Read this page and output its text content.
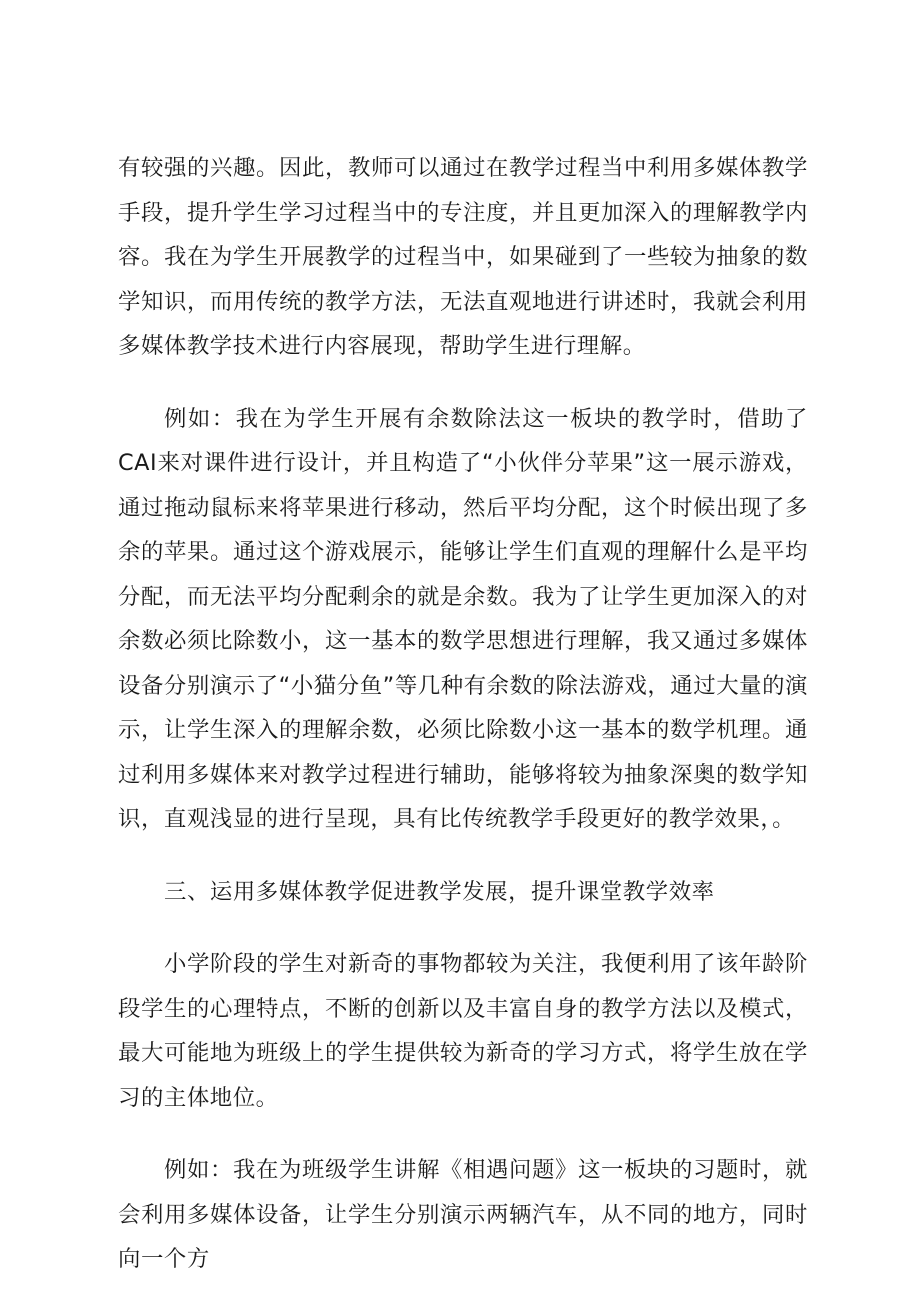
有较强的兴趣。因此，教师可以通过在教学过程当中利用多媒体教学手段，提升学生学习过程当中的专注度，并且更加深入的理解教学内容。我在为学生开展教学的过程当中，如果碰到了一些较为抽象的数学知识，而用传统的教学方法，无法直观地进行讲述时，我就会利用多媒体教学技术进行内容展现，帮助学生进行理解。

例如：我在为学生开展有余数除法这一板块的教学时，借助了CAI来对课件进行设计，并且构造了“小伙伴分苹果”这一展示游戏，通过拖动鼠标来将苹果进行移动，然后平均分配，这个时候出现了多余的苹果。通过这个游戏展示，能够让学生们直观的理解什么是平均分配，而无法平均分配剩余的就是余数。我为了让学生更加深入的对余数必须比除数小，这一基本的数学思想进行理解，我又通过多媒体设备分别演示了“小猫分鱼”等几种有余数的除法游戏，通过大量的演示，让学生深入的理解余数，必须比除数小这一基本的数学机理。通过利用多媒体来对教学过程进行辅助，能够将较为抽象深奥的数学知识，直观浅显的进行呈现，具有比传统教学手段更好的教学效果，。

三、运用多媒体教学促进教学发展，提升课堂教学效率

小学阶段的学生对新奇的事物都较为关注，我便利用了该年龄阶段学生的心理特点，不断的创新以及丰富自身的教学方法以及模式，最大可能地为班级上的学生提供较为新奇的学习方式，将学生放在学习的主体地位。

例如：我在为班级学生讲解《相遇问题》这一板块的习题时，就会利用多媒体设备，让学生分别演示两辆汽车，从不同的地方，同时向一个方
